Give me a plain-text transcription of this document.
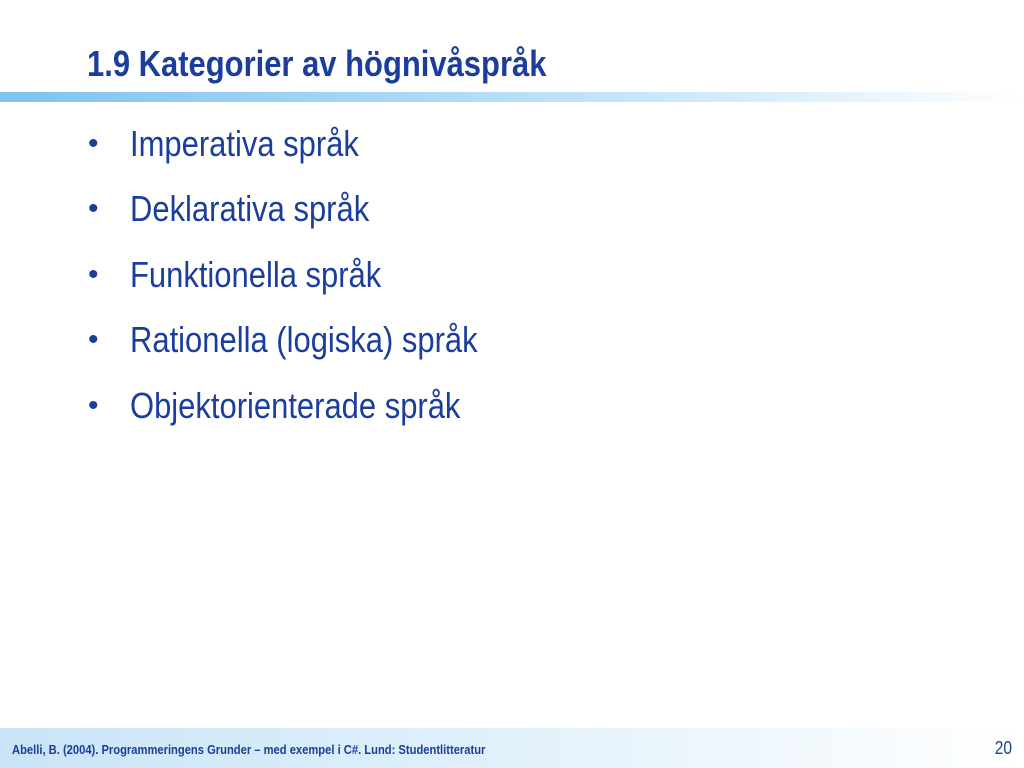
1.9 Kategorier av högnivåspråk
• Imperativa språk
• Deklarativa språk
• Funktionella språk
• Rationella (logiska) språk
• Objektorienterade språk
Abelli, B. (2004). Programmeringens Grunder – med exempel i C#. Lund: Studentlitteratur	20
